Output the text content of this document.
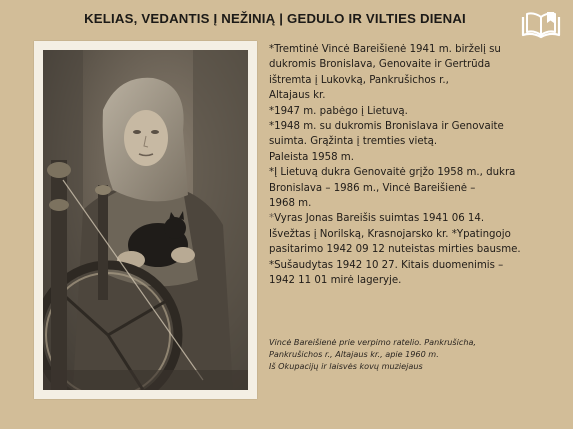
KELIAS, VEDANTIS Į NEŽINIĄ | GEDULO IR VILTIES DIENAI

*Tremtinė Vincė Bareišienė 1941 m. birželį su

dukromis Bronislava, Genovaite ir Gertrūda

ištremta į Lukovką, Pankrušichos r.,

Altajaus kr.

*1947 m. pabėgo į Lietuvą.

*1948 m. su dukromis Bronislava ir Genovaite

suimta. Grąžinta į tremties vietą.

Paleista 1958 m.

*Į Lietuvą dukra Genovaitė grįžo 1958 m., dukra

Bronislava – 1986 m., Vincė Bareišienė –

1968 m.

*Vyras Jonas Bareišis suimtas 1941 06 14.

Išvežtas į Norilską, Krasnojarsko kr. *Ypatingojo

pasitarimo 1942 09 12 nuteistas mirties bausme.

*Sušaudytas 1942 10 27. Kitais duomenimis –

1942 11 01 mirė lageryje.

Vincė Bareišienė prie verpimo ratelio. Pankrušicha,

Pankrušichos r., Altajaus kr., apie 1960 m.

Iš Okupacijų ir laisvės kovų muziejaus
